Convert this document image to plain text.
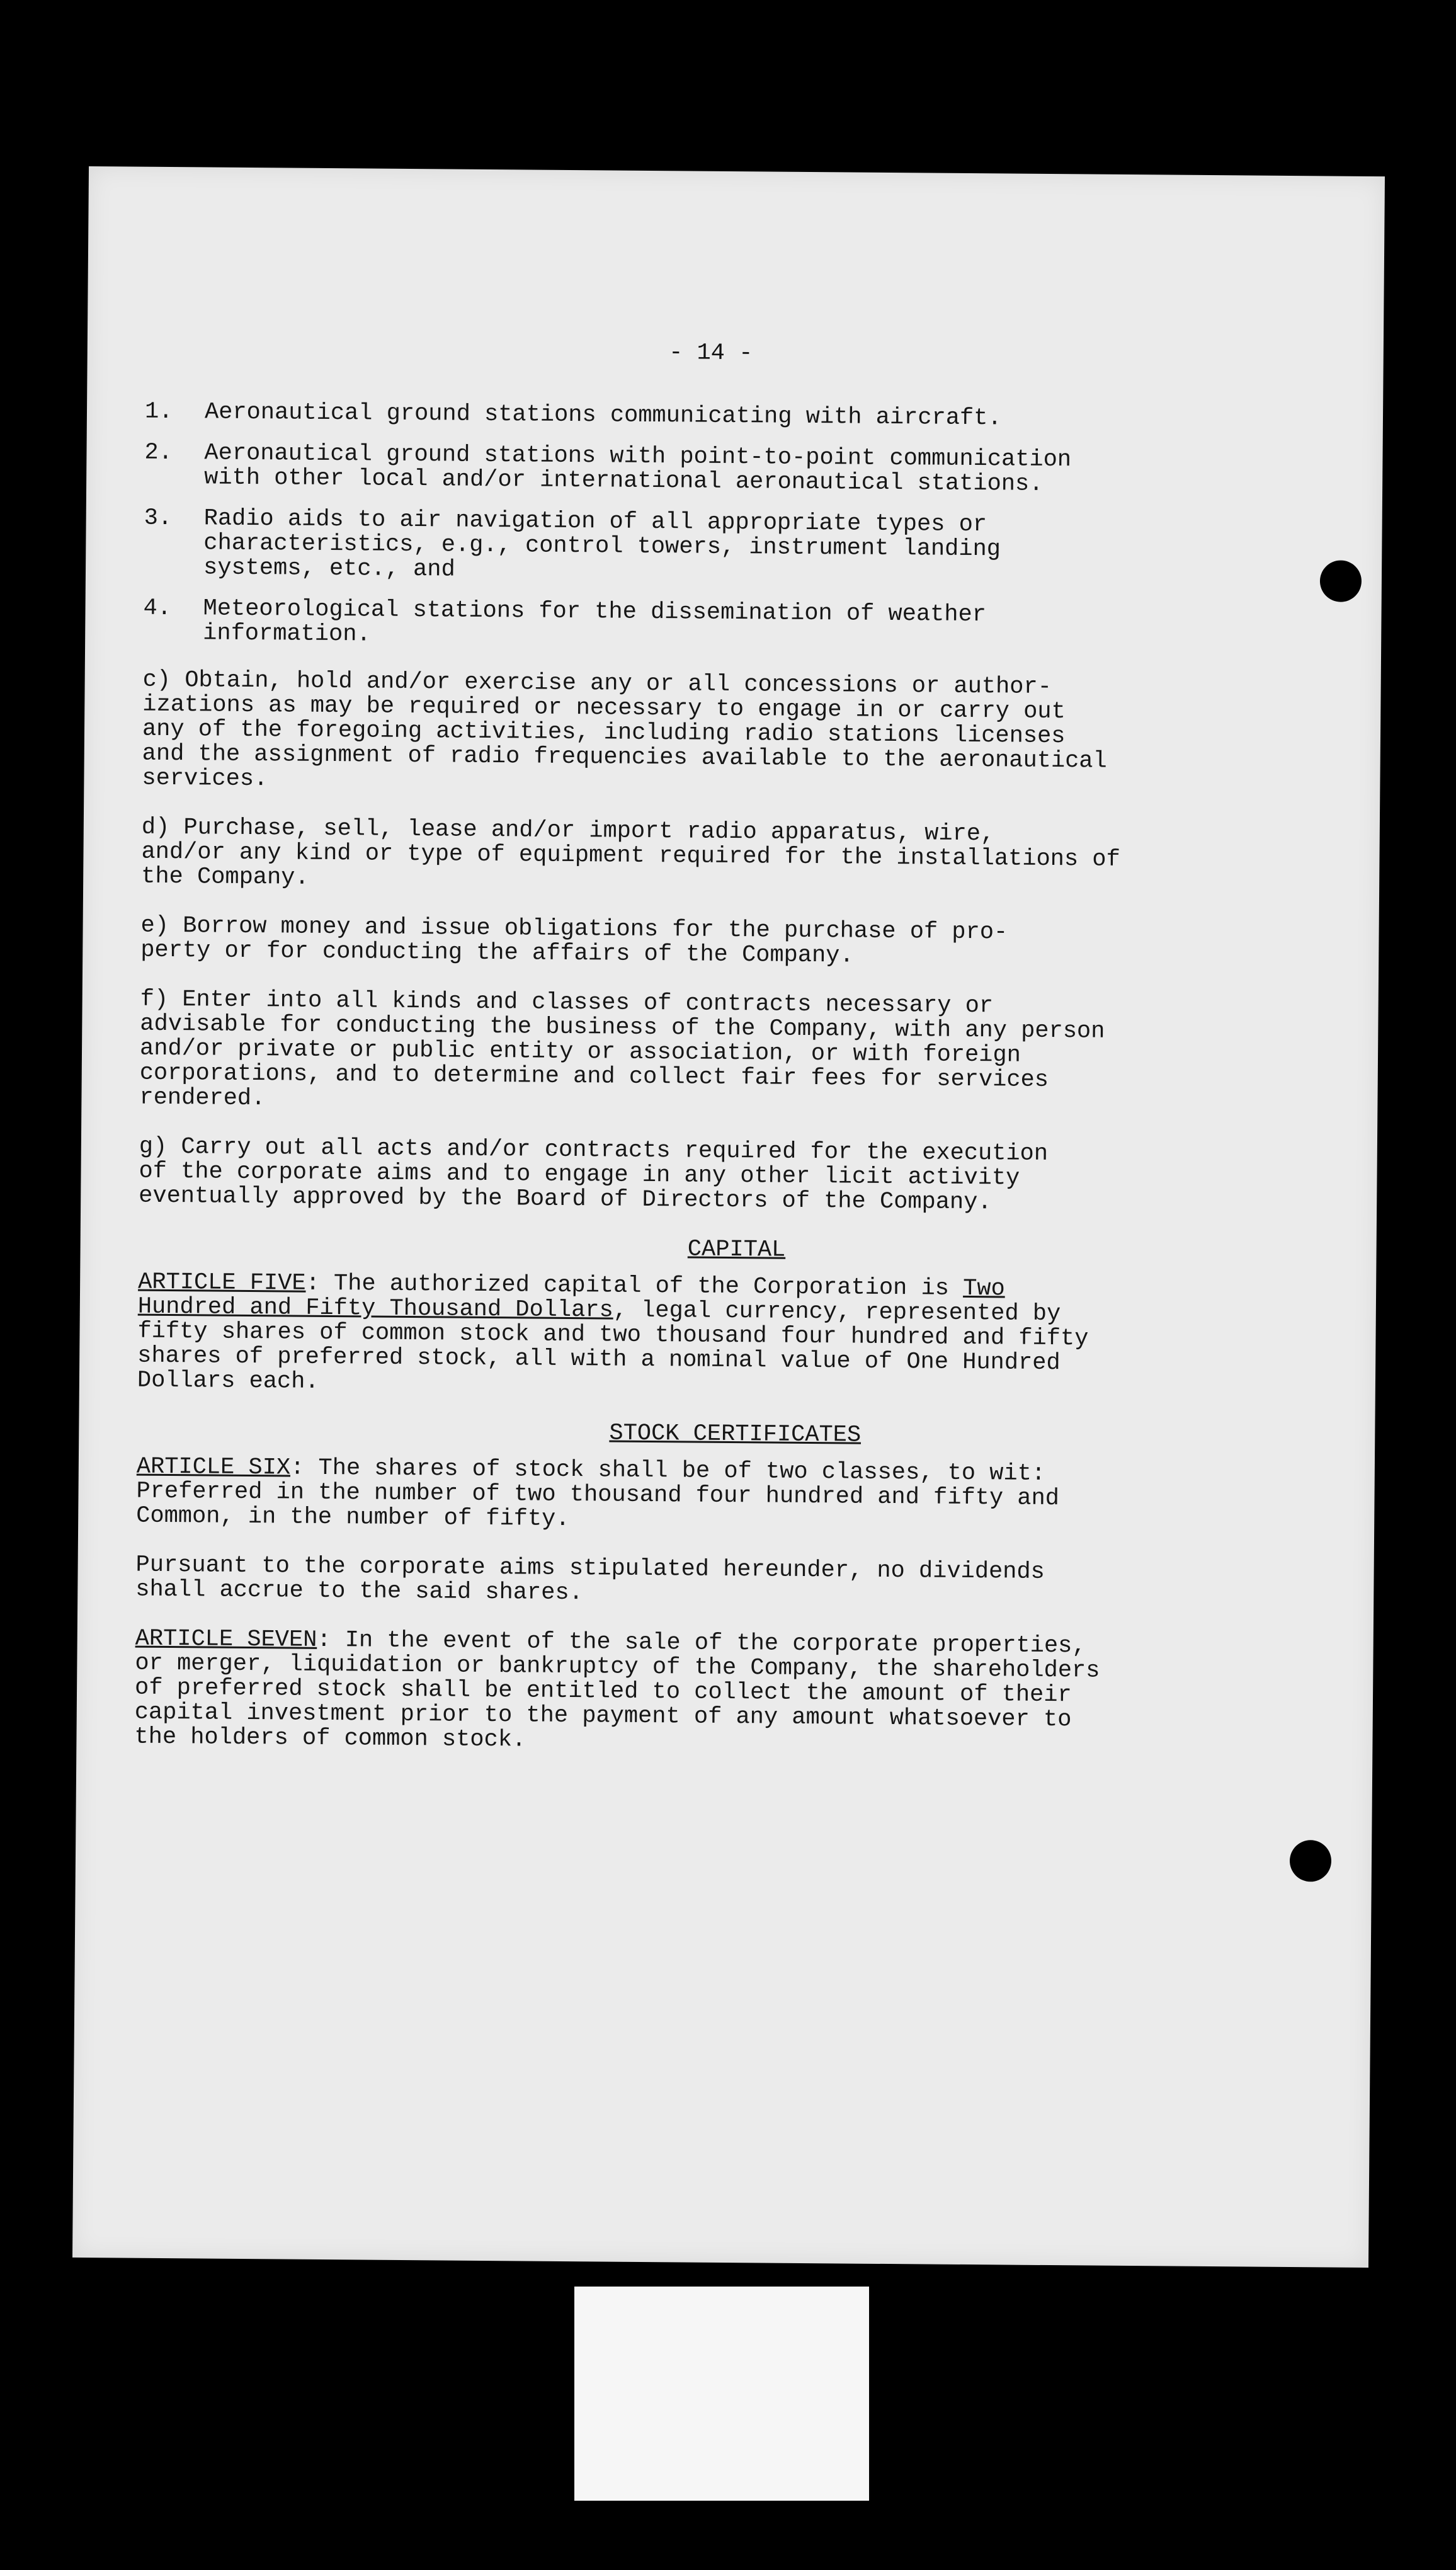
- 14 -
1. Aeronautical ground stations communicating with aircraft.
2. Aeronautical ground stations with point-to-point communication
with other local and/or international aeronautical stations.
3. Radio aids to air navigation of all appropriate types or
characteristics, e.g., control towers, instrument landing
systems, etc., and
4. Meteorological stations for the dissemination of weather
information.
c) Obtain, hold and/or exercise any or all concessions or author-
izations as may be required or necessary to engage in or carry out
any of the foregoing activities, including radio stations licenses
and the assignment of radio frequencies available to the aeronautical
services.
d) Purchase, sell, lease and/or import radio apparatus, wire,
and/or any kind or type of equipment required for the installations of
the Company.
e) Borrow money and issue obligations for the purchase of pro-
perty or for conducting the affairs of the Company.
f) Enter into all kinds and classes of contracts necessary or
advisable for conducting the business of the Company, with any person
and/or private or public entity or association, or with foreign
corporations, and to determine and collect fair fees for services
rendered.
g) Carry out all acts and/or contracts required for the execution
of the corporate aims and to engage in any other licit activity
eventually approved by the Board of Directors of the Company.
CAPITAL
ARTICLE FIVE: The authorized capital of the Corporation is Two
Hundred and Fifty Thousand Dollars, legal currency, represented by
fifty shares of common stock and two thousand four hundred and fifty
shares of preferred stock, all with a nominal value of One Hundred
Dollars each.
STOCK CERTIFICATES
ARTICLE SIX: The shares of stock shall be of two classes, to wit:
Preferred in the number of two thousand four hundred and fifty and
Common, in the number of fifty.
Pursuant to the corporate aims stipulated hereunder, no dividends
shall accrue to the said shares.
ARTICLE SEVEN: In the event of the sale of the corporate properties,
or merger, liquidation or bankruptcy of the Company, the shareholders
of preferred stock shall be entitled to collect the amount of their
capital investment prior to the payment of any amount whatsoever to
the holders of common stock.
